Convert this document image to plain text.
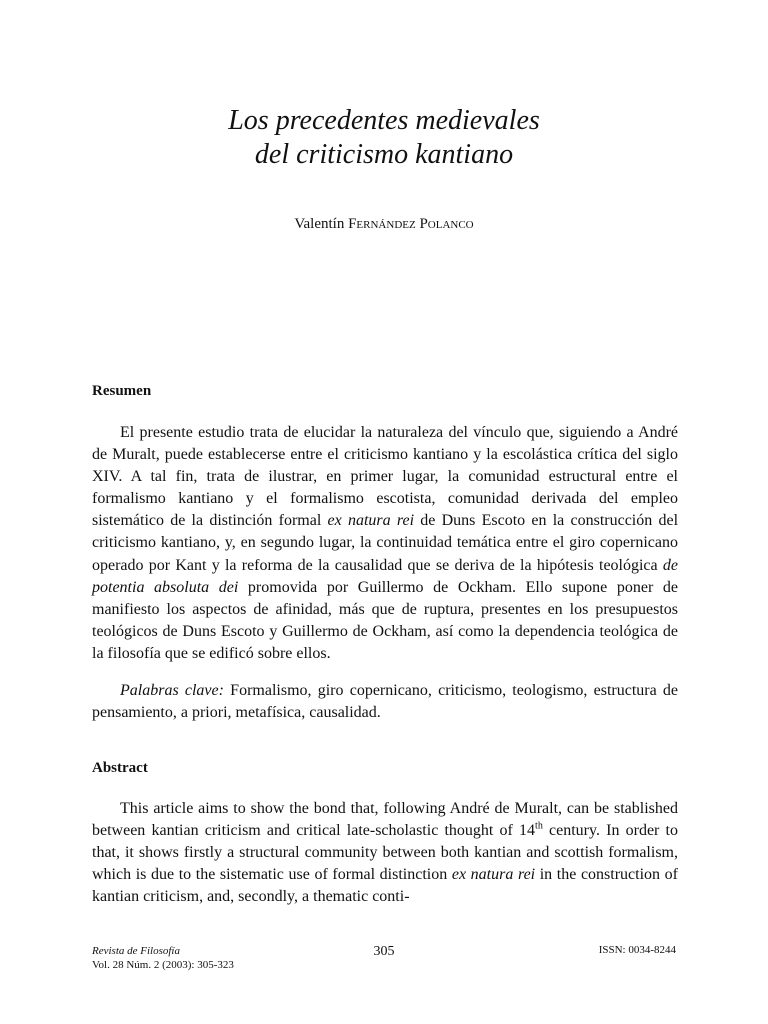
Los precedentes medievales
del criticismo kantiano
Valentín Fernández Polanco
Resumen

El presente estudio trata de elucidar la naturaleza del vínculo que, siguiendo a André de Muralt, puede establecerse entre el criticismo kantiano y la escolástica crítica del siglo XIV. A tal fin, trata de ilustrar, en primer lugar, la comunidad estructural entre el formalismo kantiano y el formalismo escotista, comunidad derivada del empleo sistemático de la distinción formal ex natura rei de Duns Escoto en la construcción del criticismo kantiano, y, en segundo lugar, la continuidad temática entre el giro copernicano operado por Kant y la reforma de la causalidad que se deriva de la hipótesis teológica de potentia absoluta dei promovida por Guillermo de Ockham. Ello supone poner de manifiesto los aspectos de afinidad, más que de ruptura, presentes en los presupuestos teológicos de Duns Escoto y Guillermo de Ockham, así como la dependencia teológica de la filosofía que se edificó sobre ellos.

Palabras clave: Formalismo, giro copernicano, criticismo, teologismo, estructura de pensamiento, a priori, metafísica, causalidad.

Abstract

This article aims to show the bond that, following André de Muralt, can be stablished between kantian criticism and critical late-scholastic thought of 14th century. In order to that, it shows firstly a structural community between both kantian and scottish formalism, which is due to the sistematic use of formal distinction ex natura rei in the construction of kantian criticism, and, secondly, a thematic conti-

Revista de Filosofía
Vol. 28 Núm. 2 (2003): 305-323
305	ISSN: 0034-8244
